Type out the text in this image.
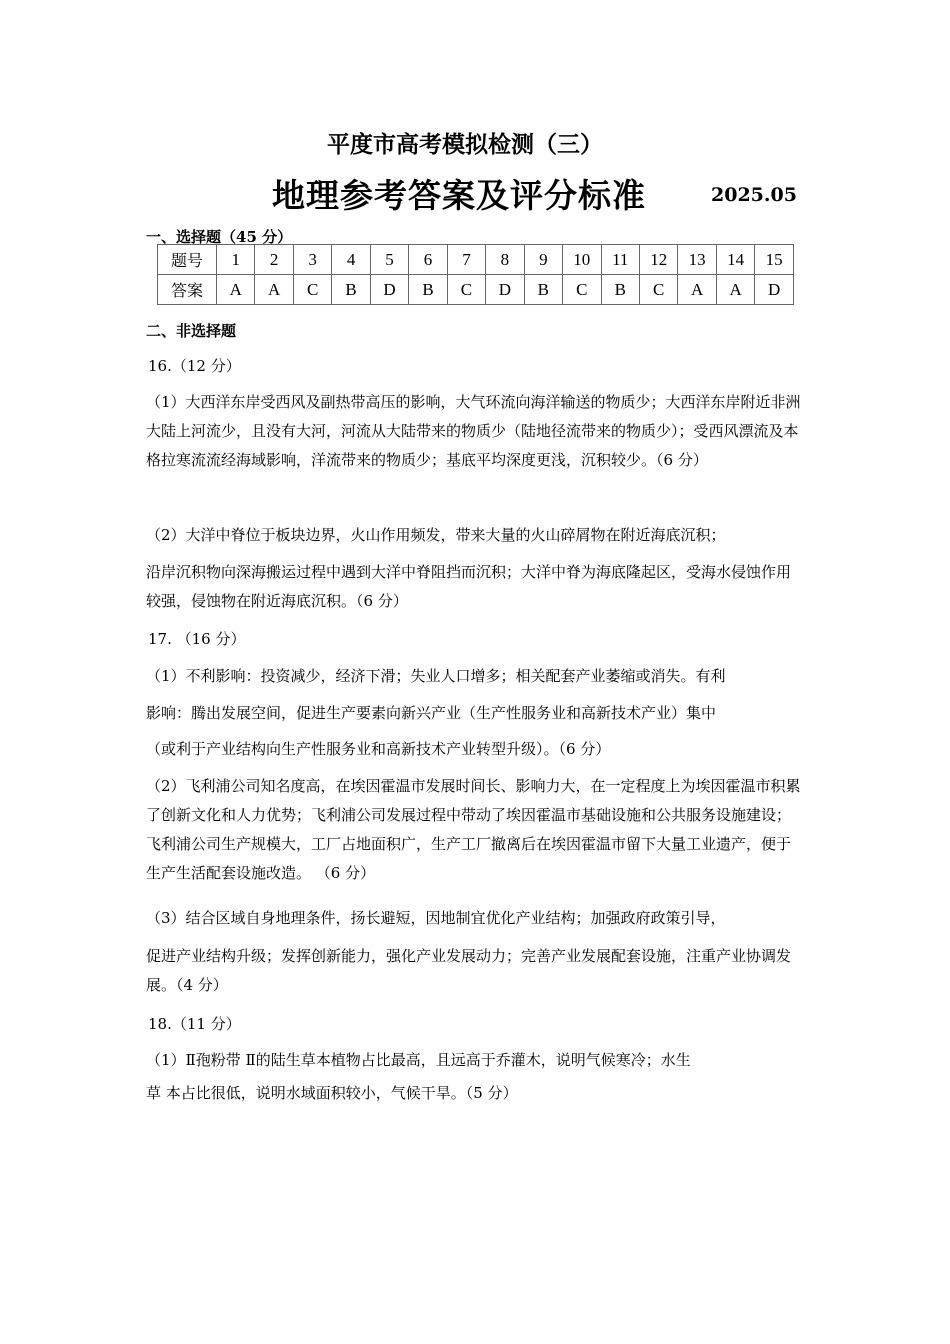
平度市高考模拟检测（三）
地理参考答案及评分标准	2025.05
一、选择题（45 分）
题号	1	2	3	4	5	6	7	8	9	10	11	12	13	14	15
答案	A	A	C	B	D	B	C	D	B	C	B	C	A	A	D
二、非选择题
16.（12 分）
（1）大西洋东岸受西风及副热带高压的影响，大气环流向海洋输送的物质少；大西洋东岸附近非洲大陆上河流少，且没有大河，河流从大陆带来的物质少（陆地径流带来的物质少）；受西风漂流及本格拉寒流流经海域影响，洋流带来的物质少；基底平均深度更浅，沉积较少。（6 分）
（2）大洋中脊位于板块边界，火山作用频发，带来大量的火山碎屑物在附近海底沉积；
沿岸沉积物向深海搬运过程中遇到大洋中脊阻挡而沉积；大洋中脊为海底隆起区，受海水侵蚀作用较强，侵蚀物在附近海底沉积。（6 分）
17. （16 分）
（1）不利影响：投资减少，经济下滑；失业人口增多；相关配套产业萎缩或消失。有利
影响：腾出发展空间，促进生产要素向新兴产业（生产性服务业和高新技术产业）集中
（或利于产业结构向生产性服务业和高新技术产业转型升级）。（6 分）
（2）飞利浦公司知名度高，在埃因霍温市发展时间长、影响力大，在一定程度上为埃因霍温市积累了创新文化和人力优势；飞利浦公司发展过程中带动了埃因霍温市基础设施和公共服务设施建设；飞利浦公司生产规模大，工厂占地面积广，生产工厂撤离后在埃因霍温市留下大量工业遗产，便于生产生活配套设施改造。 （6 分）
（3）结合区域自身地理条件，扬长避短，因地制宜优化产业结构；加强政府政策引导，
促进产业结构升级；发挥创新能力，强化产业发展动力；完善产业发展配套设施，注重产业协调发展。（4 分）
18.（11 分）
（1）Ⅱ孢粉带 Ⅱ的陆生草本植物占比最高，且远高于乔灌木，说明气候寒冷；水生
草 本占比很低，说明水域面积较小，气候干旱。（5 分）
